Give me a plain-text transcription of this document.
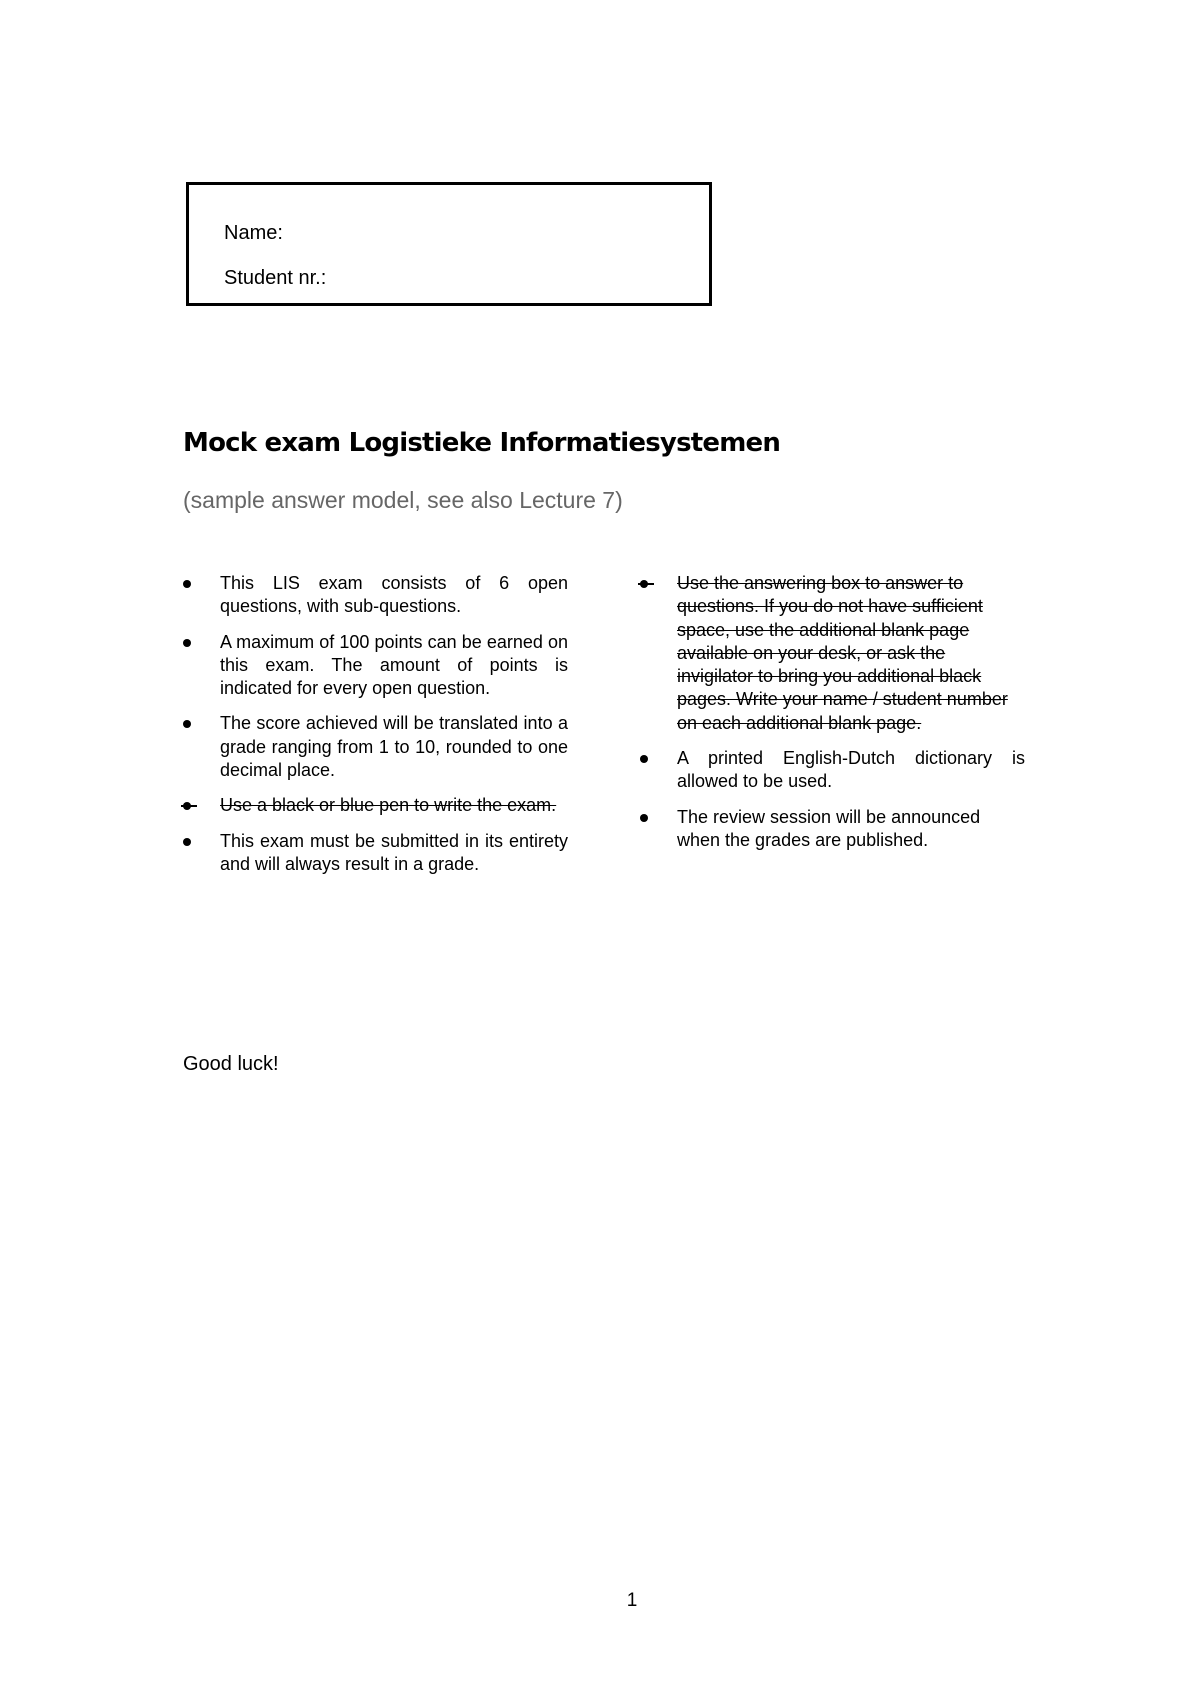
Name:
Student nr.:
Mock exam Logistieke Informatiesystemen
(sample answer model, see also Lecture 7)
This LIS exam consists of 6 open questions, with sub-questions.
A maximum of 100 points can be earned on this exam. The amount of points is indicated for every open question.
The score achieved will be translated into a grade ranging from 1 to 10, rounded to one decimal place.
Use a black or blue pen to write the exam.
This exam must be submitted in its entirety and will always result in a grade.
Use the answering box to answer to questions. If you do not have sufficient space, use the additional blank page available on your desk, or ask the invigilator to bring you additional black pages. Write your name / student number on each additional blank page.
A printed English-Dutch dictionary is allowed to be used.
The review session will be announced when the grades are published.
Good luck!
1
